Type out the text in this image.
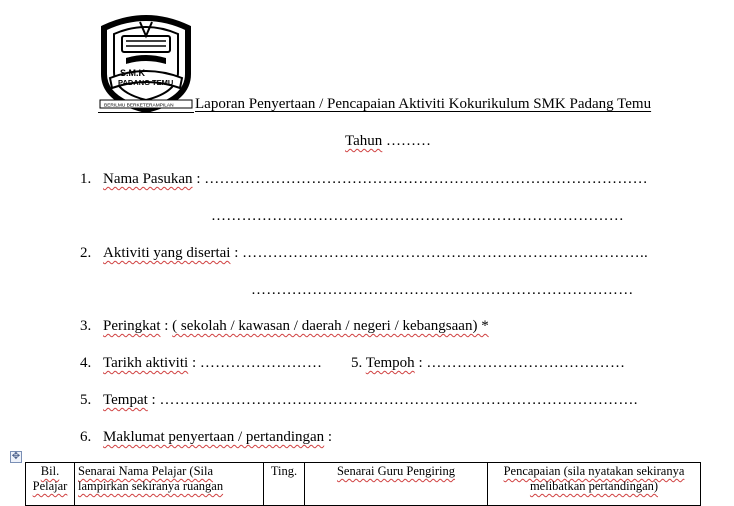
S.M.K
PADANG TEMU
BERILMU BERKETERAMPILAN Laporan Penyertaan / Pencapaian Aktiviti Kokurikulum SMK Padang Temu
Tahun ………
1. Nama Pasukan : ……………………………………………………………………………
………………………………………………………………………
2. Aktiviti yang disertai : ……………………………………………………………………..
…………………………………………………………………
3. Peringkat : ( sekolah / kawasan / daerah / negeri / kebangsaan) *
4. Tarikh aktiviti : …………………… 5. Tempoh : …………………………………
5. Tempat : ………………………………………………………………………………….
6. Maklumat penyertaan / pertandingan :
✥
Bil. Pelajar	Senarai Nama Pelajar (Sila lampirkan sekiranya ruangan	Ting.	Senarai Guru Pengiring	Pencapaian (sila nyatakan sekiranya melibatkan pertandingan)
